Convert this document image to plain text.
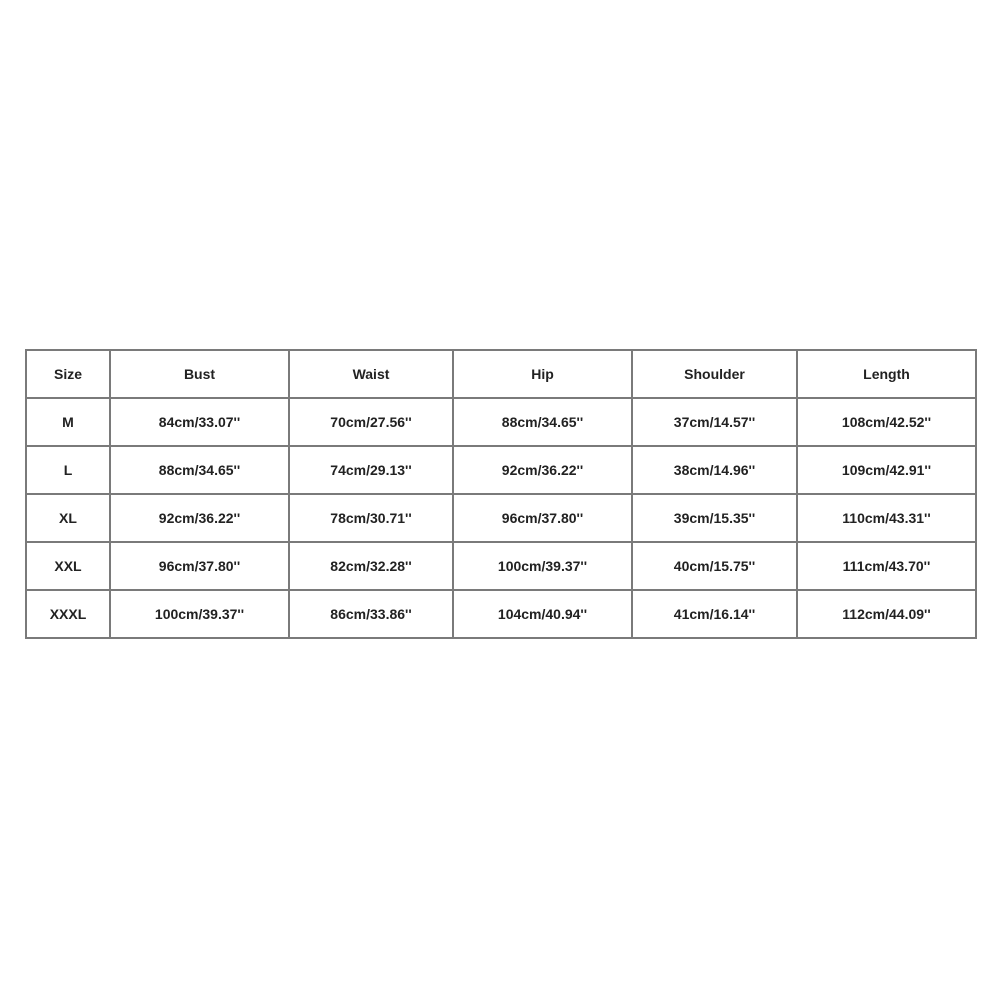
Size	Bust	Waist	Hip	Shoulder	Length
M	84cm/33.07''	70cm/27.56''	88cm/34.65''	37cm/14.57''	108cm/42.52''
L	88cm/34.65''	74cm/29.13''	92cm/36.22''	38cm/14.96''	109cm/42.91''
XL	92cm/36.22''	78cm/30.71''	96cm/37.80''	39cm/15.35''	110cm/43.31''
XXL	96cm/37.80''	82cm/32.28''	100cm/39.37''	40cm/15.75''	111cm/43.70''
XXXL	100cm/39.37''	86cm/33.86''	104cm/40.94''	41cm/16.14''	112cm/44.09''
